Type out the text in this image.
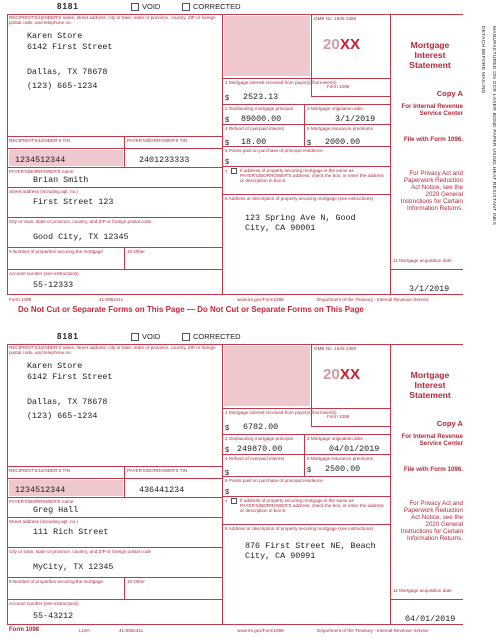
DETACH BEFORE MAILING MANUFACTURED ON OCR LASER BOND PAPER USING HEAT RESISTANT INKS
Do Not Cut or Separate Forms on This Page — Do Not Cut or Separate Forms on This Page
8181	VOID	CORRECTED
RECIPIENT'S/LENDER'S name, street address, city or town, state or province, country, ZIP or foreign postal code, and telephone no.
Karen Store
6142 First Street
Dallas, TX 78678
(123) 665-1234
OMB No. 1545-1380
20 XX
Form 1098
Mortgage Interest Statement
1 Mortgage interest received from payer(s)/borrower(s)
$ 2523.13
2 Outstanding mortgage principal
$ 89000.00
3 Mortgage origination date
3/1/2019
4 Refund of overpaid interest
$ 18.00
5 Mortgage insurance premiums
$ 2000.00
6 Points paid on purchase of principal residence
$
7	If address of property securing mortgage is the same as PAYER'S/BORROWER'S address, check the box, or enter the address or description in box 8.
8 Address or description of property securing mortgage (see instructions)
123 Spring Ave N, Good
City, CA 90001
RECIPIENT'S/LENDER'S TIN	PAYER'S/BORROWER'S TIN
1234512344	2401233333
PAYER'S/BORROWER'S name
Brian Smith
Street address (including apt. no.)
First Street 123
City or town, state or province, country, and ZIP or foreign postal code
Good City, TX 12345
9 Number of properties securing the mortgage	10 Other
Account number (see instructions)
55-12333
11 Mortgage acquisition date
3/1/2019
Copy A
For Internal Revenue Service Center
File with Form 1096.
For Privacy Act and Paperwork Reduction Act Notice, see the 2020 General Instructions for Certain Information Returns.
Form 1098	41-0852411	www.irs.gov/Form1098	Department of the Treasury - Internal Revenue Service
8181	VOID	CORRECTED
RECIPIENT'S/LENDER'S name, street address, city or town, state or province, country, ZIP or foreign postal code, and telephone no.
Karen Store
6142 First Street
Dallas, TX 78678
(123) 665-1234
OMB No. 1545-1380
20 XX
Form 1098
Mortgage Interest Statement
1 Mortgage interest received from payer(s)/borrower(s)
$ 6782.00
2 Outstanding mortgage principal
$ 249870.00
3 Mortgage origination date
04/01/2019
4 Refund of overpaid interest
$
5 Mortgage insurance premiums
$ 2500.00
6 Points paid on purchase of principal residence
$
7	If address of property securing mortgage is the same as PAYER'S/BORROWER'S address, check the box, or enter the address or description in box 8.
8 Address or description of property securing mortgage (see instructions)
876 First Street NE, Beach
City, CA 90991
RECIPIENT'S/LENDER'S TIN	PAYER'S/BORROWER'S TIN
1234512344	436441234
PAYER'S/BORROWER'S name
Greg Hall
Street address (including apt. no.)
111 Rich Street
City or town, state or province, country, and ZIP or foreign postal code
MyCity, TX 12345
9 Number of properties securing the mortgage	10 Other
Account number (see instructions)
55-43212
11 Mortgage acquisition date
04/01/2019
Copy A
For Internal Revenue Service Center
File with Form 1096.
For Privacy Act and Paperwork Reduction Act Notice, see the 2020 General Instructions for Certain Information Returns.
Form 1098	L18A	41-0852411	www.irs.gov/Form1098	Department of the Treasury - Internal Revenue Service
